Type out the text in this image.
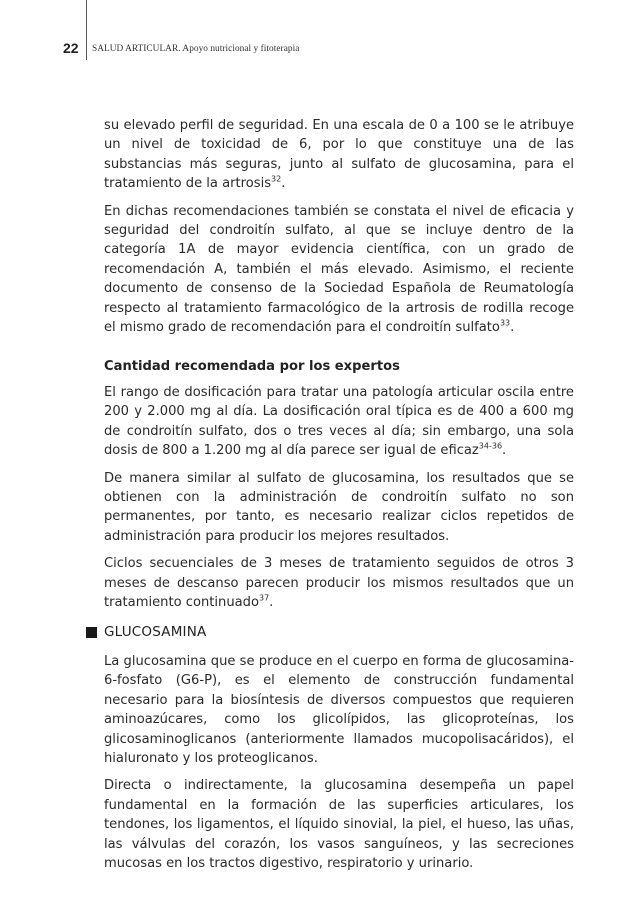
22 SALUD ARTICULAR. Apoyo nutricional y fitoterapia

su elevado perfil de seguridad. En una escala de 0 a 100 se le atribuye un nivel de toxicidad de 6, por lo que constituye una de las substancias más seguras, junto al sulfato de glucosamina, para el tratamiento de la artrosis$^{32}$.

En dichas recomendaciones también se constata el nivel de eficacia y seguridad del condroitín sulfato, al que se incluye dentro de la categoría 1A de mayor evidencia científica, con un grado de recomendación A, también el más elevado. Asimismo, el reciente documento de consenso de la Sociedad Española de Reumatología respecto al tratamiento farmacológico de la artrosis de rodilla recoge el mismo grado de recomendación para el condroitín sulfato$^{33}$.

Cantidad recomendada por los expertos

El rango de dosificación para tratar una patología articular oscila entre 200 y 2.000 mg al día. La dosificación oral típica es de 400 a 600 mg de condroitín sulfato, dos o tres veces al día; sin embargo, una sola dosis de 800 a 1.200 mg al día parece ser igual de eficaz$^{34-36}$.

De manera similar al sulfato de glucosamina, los resultados que se obtienen con la administración de condroitín sulfato no son permanentes, por tanto, es necesario realizar ciclos repetidos de administración para producir los mejores resultados.

Ciclos secuenciales de 3 meses de tratamiento seguidos de otros 3 meses de descanso parecen producir los mismos resultados que un tratamiento continuado$^{37}$.

GLUCOSAMINA

La glucosamina que se produce en el cuerpo en forma de glucosamina-6-fosfato (G6-P), es el elemento de construcción fundamental necesario para la biosíntesis de diversos compuestos que requieren aminoazúcares, como los glicolípidos, las glicoproteínas, los glicosaminoglicanos (anteriormente llamados mucopolisacáridos), el hialuronato y los proteoglicanos.

Directa o indirectamente, la glucosamina desempeña un papel fundamental en la formación de las superficies articulares, los tendones, los ligamentos, el líquido sinovial, la piel, el hueso, las uñas, las válvulas del corazón, los vasos sanguíneos, y las secreciones mucosas en los tractos digestivo, respiratorio y urinario.
